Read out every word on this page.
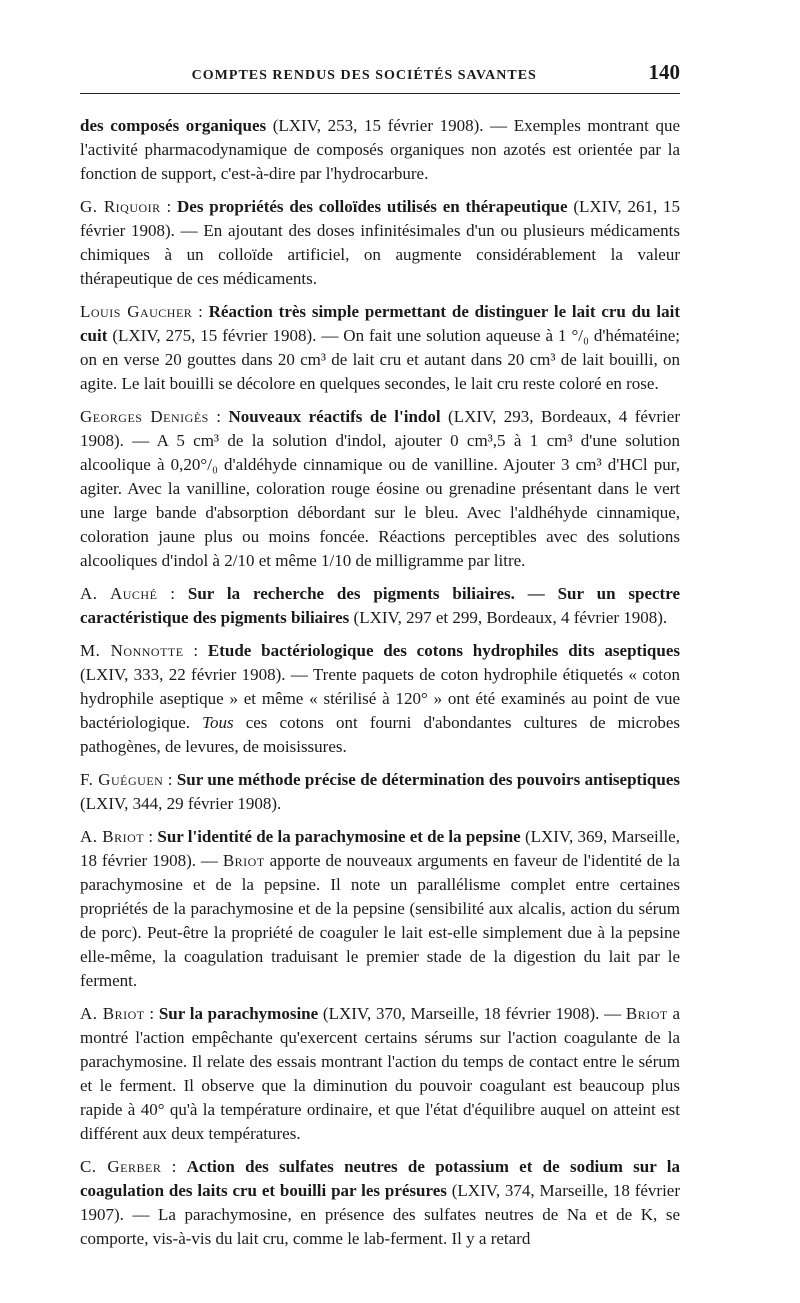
COMPTES RENDUS DES SOCIÉTÉS SAVANTES	140

des composés organiques (LXIV, 253, 15 février 1908). — Exemples montrant que l'activité pharmacodynamique de composés organiques non azotés est orientée par la fonction de support, c'est-à-dire par l'hydrocarbure.

G. Riquoir : Des propriétés des colloïdes utilisés en thérapeutique (LXIV, 261, 15 février 1908). — En ajoutant des doses infinitésimales d'un ou plusieurs médicaments chimiques à un colloïde artificiel, on augmente considérablement la valeur thérapeutique de ces médicaments.

Louis Gaucher : Réaction très simple permettant de distinguer le lait cru du lait cuit (LXIV, 275, 15 février 1908). — On fait une solution aqueuse à 1 °/₀ d'hématéine; on en verse 20 gouttes dans 20 cm³ de lait cru et autant dans 20 cm³ de lait bouilli, on agite. Le lait bouilli se décolore en quelques secondes, le lait cru reste coloré en rose.

Georges Denigès : Nouveaux réactifs de l'indol (LXIV, 293, Bordeaux, 4 février 1908). — A 5 cm³ de la solution d'indol, ajouter 0 cm³,5 à 1 cm³ d'une solution alcoolique à 0,20°/₀ d'aldéhyde cinnamique ou de vanilline. Ajouter 3 cm³ d'HCl pur, agiter. Avec la vanilline, coloration rouge éosine ou grenadine présentant dans le vert une large bande d'absorption débordant sur le bleu. Avec l'aldhéhyde cinnamique, coloration jaune plus ou moins foncée. Réactions perceptibles avec des solutions alcooliques d'indol à 2/10 et même 1/10 de milligramme par litre.

A. Auché : Sur la recherche des pigments biliaires. — Sur un spectre caractéristique des pigments biliaires (LXIV, 297 et 299, Bordeaux, 4 février 1908).

M. Nonnotte : Etude bactériologique des cotons hydrophiles dits aseptiques (LXIV, 333, 22 février 1908). — Trente paquets de coton hydrophile étiquetés « coton hydrophile aseptique » et même « stérilisé à 120° » ont été examinés au point de vue bactériologique. Tous ces cotons ont fourni d'abondantes cultures de microbes pathogènes, de levures, de moisissures.

F. Guéguen : Sur une méthode précise de détermination des pouvoirs antiseptiques (LXIV, 344, 29 février 1908).

A. Briot : Sur l'identité de la parachymosine et de la pepsine (LXIV, 369, Marseille, 18 février 1908). — Briot apporte de nouveaux arguments en faveur de l'identité de la parachymosine et de la pepsine. Il note un parallélisme complet entre certaines propriétés de la parachymosine et de la pepsine (sensibilité aux alcalis, action du sérum de porc). Peut-être la propriété de coaguler le lait est-elle simplement due à la pepsine elle-même, la coagulation traduisant le premier stade de la digestion du lait par le ferment.

A. Briot : Sur la parachymosine (LXIV, 370, Marseille, 18 février 1908). — Briot a montré l'action empêchante qu'exercent certains sérums sur l'action coagulante de la parachymosine. Il relate des essais montrant l'action du temps de contact entre le sérum et le ferment. Il observe que la diminution du pouvoir coagulant est beaucoup plus rapide à 40° qu'à la température ordinaire, et que l'état d'équilibre auquel on atteint est différent aux deux températures.

C. Gerber : Action des sulfates neutres de potassium et de sodium sur la coagulation des laits cru et bouilli par les présures (LXIV, 374, Marseille, 18 février 1907). — La parachymosine, en présence des sulfates neutres de Na et de K, se comporte, vis-à-vis du lait cru, comme le lab-ferment. Il y a retard
